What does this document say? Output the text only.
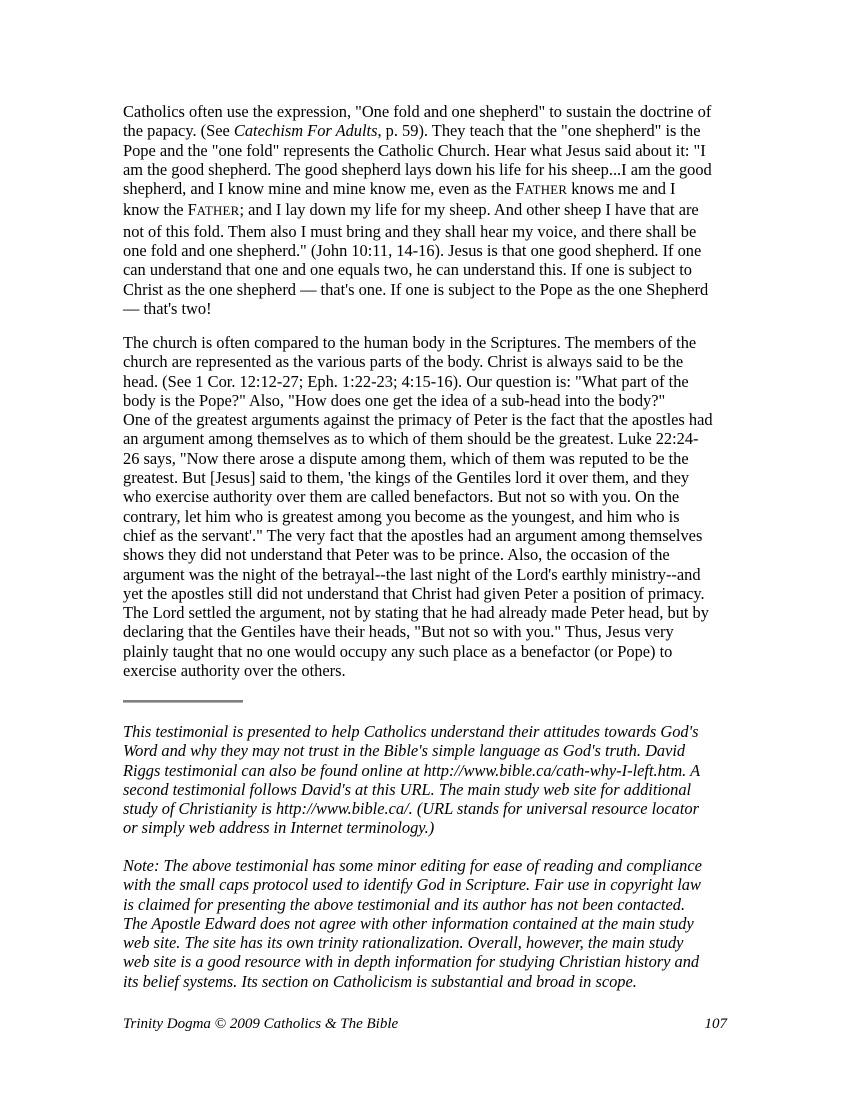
Catholics often use the expression, "One fold and one shepherd" to sustain the doctrine of
the papacy. (See Catechism For Adults, p. 59). They teach that the "one shepherd" is the
Pope and the "one fold" represents the Catholic Church. Hear what Jesus said about it: "I
am the good shepherd. The good shepherd lays down his life for his sheep...I am the good
shepherd, and I know mine and mine know me, even as the FATHER knows me and I
know the FATHER; and I lay down my life for my sheep. And other sheep I have that are
not of this fold. Them also I must bring and they shall hear my voice, and there shall be
one fold and one shepherd." (John 10:11, 14-16). Jesus is that one good shepherd. If one
can understand that one and one equals two, he can understand this. If one is subject to
Christ as the one shepherd — that's one. If one is subject to the Pope as the one Shepherd
— that's two!
The church is often compared to the human body in the Scriptures. The members of the
church are represented as the various parts of the body. Christ is always said to be the
head. (See 1 Cor. 12:12-27; Eph. 1:22-23; 4:15-16). Our question is: "What part of the
body is the Pope?" Also, "How does one get the idea of a sub-head into the body?"
One of the greatest arguments against the primacy of Peter is the fact that the apostles had
an argument among themselves as to which of them should be the greatest. Luke 22:24-
26 says, "Now there arose a dispute among them, which of them was reputed to be the
greatest. But [Jesus] said to them, 'the kings of the Gentiles lord it over them, and they
who exercise authority over them are called benefactors. But not so with you. On the
contrary, let him who is greatest among you become as the youngest, and him who is
chief as the servant'." The very fact that the apostles had an argument among themselves
shows they did not understand that Peter was to be prince. Also, the occasion of the
argument was the night of the betrayal--the last night of the Lord's earthly ministry--and
yet the apostles still did not understand that Christ had given Peter a position of primacy.
The Lord settled the argument, not by stating that he had already made Peter head, but by
declaring that the Gentiles have their heads, "But not so with you." Thus, Jesus very
plainly taught that no one would occupy any such place as a benefactor (or Pope) to
exercise authority over the others.
This testimonial is presented to help Catholics understand their attitudes towards God's
Word and why they may not trust in the Bible's simple language as God's truth. David
Riggs testimonial can also be found online at http://www.bible.ca/cath-why-I-left.htm. A
second testimonial follows David's at this URL. The main study web site for additional
study of Christianity is http://www.bible.ca/. (URL stands for universal resource locator
or simply web address in Internet terminology.)
Note: The above testimonial has some minor editing for ease of reading and compliance
with the small caps protocol used to identify God in Scripture. Fair use in copyright law
is claimed for presenting the above testimonial and its author has not been contacted.
The Apostle Edward does not agree with other information contained at the main study
web site. The site has its own trinity rationalization. Overall, however, the main study
web site is a good resource with in depth information for studying Christian history and
its belief systems. Its section on Catholicism is substantial and broad in scope.
Trinity Dogma © 2009 Catholics & The Bible	107
